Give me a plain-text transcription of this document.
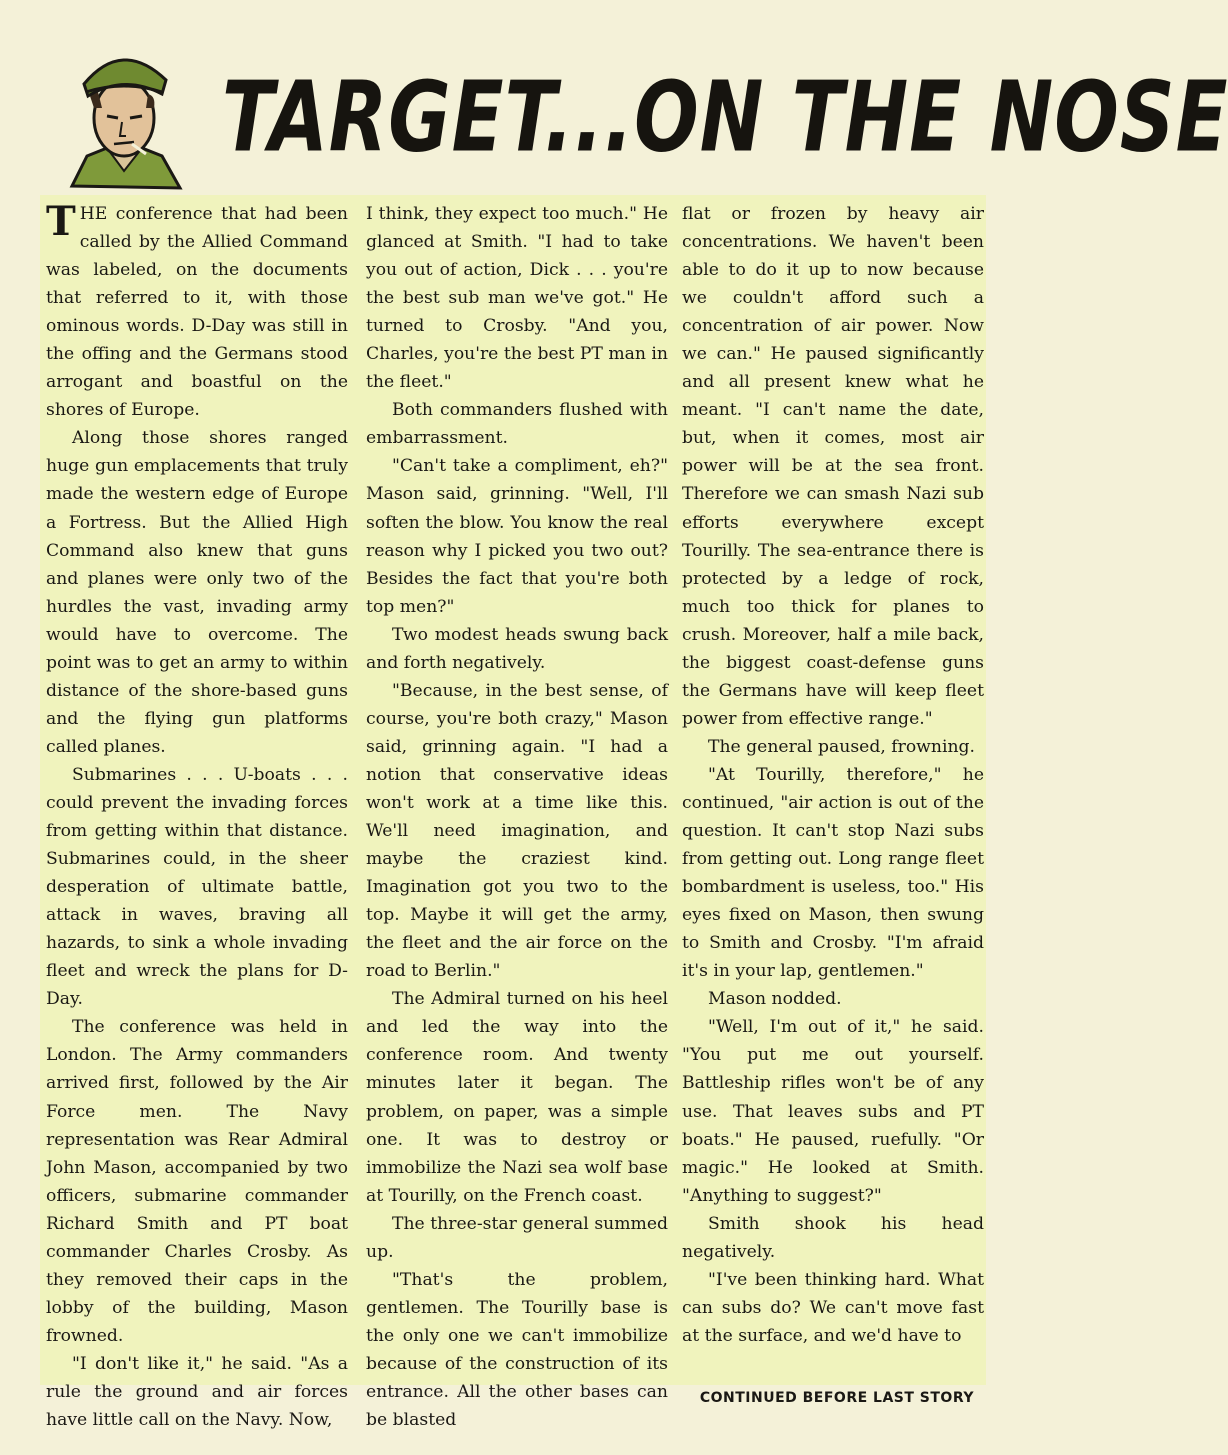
TARGET...ON THE NOSE

THE conference that had been called by the Allied Command was labeled, on the documents that referred to it, with those ominous words. D-Day was still in the offing and the Germans stood arrogant and boastful on the shores of Europe.

Along those shores ranged huge gun emplacements that truly made the western edge of Europe a Fortress. But the Allied High Command also knew that guns and planes were only two of the hurdles the vast, invading army would have to overcome. The point was to get an army to within distance of the shore-based guns and the flying gun platforms called planes.

Submarines . . . U-boats . . . could prevent the invading forces from getting within that distance. Submarines could, in the sheer desperation of ultimate battle, attack in waves, braving all hazards, to sink a whole invading fleet and wreck the plans for D-Day.

The conference was held in London. The Army commanders arrived first, followed by the Air Force men. The Navy representation was Rear Admiral John Mason, accompanied by two officers, submarine commander Richard Smith and PT boat commander Charles Crosby. As they removed their caps in the lobby of the building, Mason frowned.

"I don't like it," he said. "As a rule the ground and air forces have little call on the Navy. Now,

I think, they expect too much." He glanced at Smith. "I had to take you out of action, Dick . . . you're the best sub man we've got." He turned to Crosby. "And you, Charles, you're the best PT man in the fleet."

Both commanders flushed with embarrassment.

"Can't take a compliment, eh?" Mason said, grinning. "Well, I'll soften the blow. You know the real reason why I picked you two out? Besides the fact that you're both top men?"

Two modest heads swung back and forth negatively.

"Because, in the best sense, of course, you're both crazy," Mason said, grinning again. "I had a notion that conservative ideas won't work at a time like this. We'll need imagination, and maybe the craziest kind. Imagination got you two to the top. Maybe it will get the army, the fleet and the air force on the road to Berlin."

The Admiral turned on his heel and led the way into the conference room. And twenty minutes later it began. The problem, on paper, was a simple one. It was to destroy or immobilize the Nazi sea wolf base at Tourilly, on the French coast.

The three-star general summed up.

"That's the problem, gentlemen. The Tourilly base is the only one we can't immobilize because of the construction of its entrance. All the other bases can be blasted

flat or frozen by heavy air concentrations. We haven't been able to do it up to now because we couldn't afford such a concentration of air power. Now we can." He paused significantly and all present knew what he meant. "I can't name the date, but, when it comes, most air power will be at the sea front. Therefore we can smash Nazi sub efforts everywhere except Tourilly. The sea-entrance there is protected by a ledge of rock, much too thick for planes to crush. Moreover, half a mile back, the biggest coast-defense guns the Germans have will keep fleet power from effective range."

The general paused, frowning.

"At Tourilly, therefore," he continued, "air action is out of the question. It can't stop Nazi subs from getting out. Long range fleet bombardment is useless, too." His eyes fixed on Mason, then swung to Smith and Crosby. "I'm afraid it's in your lap, gentlemen."

Mason nodded.

"Well, I'm out of it," he said. "You put me out yourself. Battleship rifles won't be of any use. That leaves subs and PT boats." He paused, ruefully. "Or magic." He looked at Smith. "Anything to suggest?"

Smith shook his head negatively.

"I've been thinking hard. What can subs do? We can't move fast at the surface, and we'd have to

CONTINUED BEFORE LAST STORY
